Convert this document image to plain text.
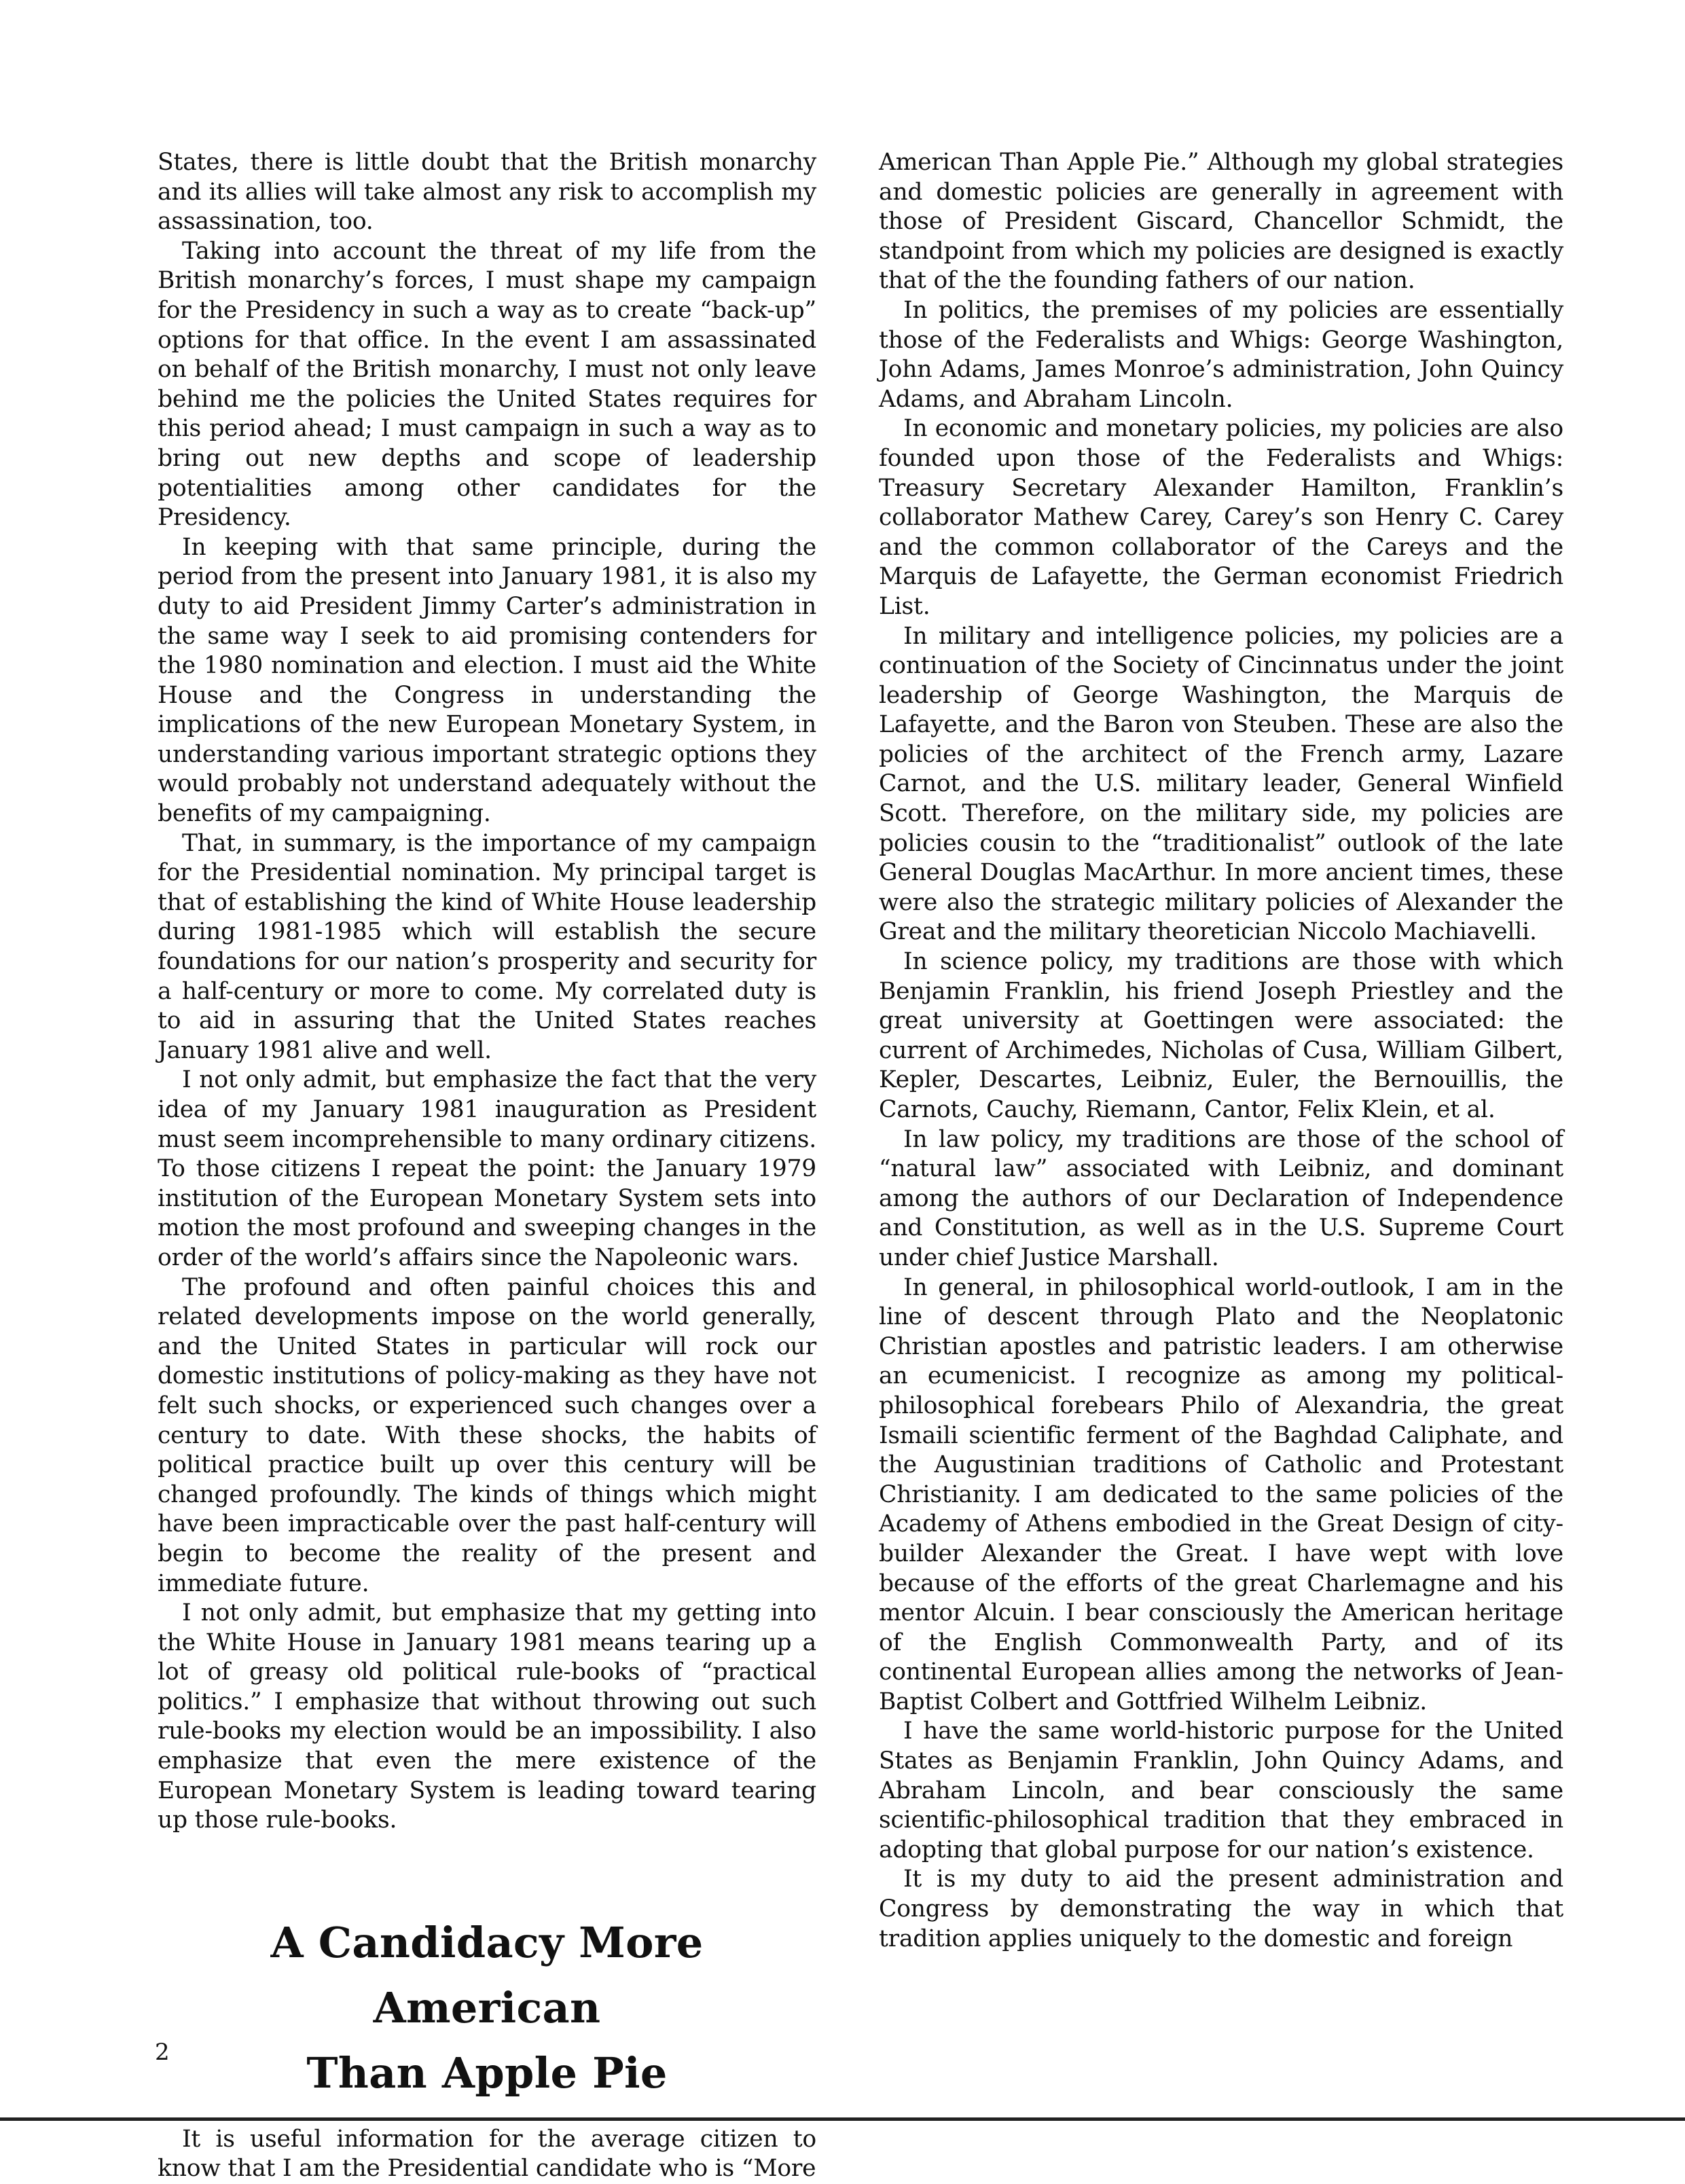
States, there is little doubt that the British monarchy and its allies will take almost any risk to accomplish my assassination, too.

Taking into account the threat of my life from the British monarchy’s forces, I must shape my campaign for the Presidency in such a way as to create “back-up” options for that office. In the event I am assassinated on behalf of the British monarchy, I must not only leave behind me the policies the United States requires for this period ahead; I must campaign in such a way as to bring out new depths and scope of leadership potentialities among other candidates for the Presidency.

In keeping with that same principle, during the period from the present into January 1981, it is also my duty to aid President Jimmy Carter’s administration in the same way I seek to aid promising contenders for the 1980 nomination and election. I must aid the White House and the Congress in understanding the implications of the new European Monetary System, in understanding various important strategic options they would probably not understand adequately without the benefits of my campaigning.

That, in summary, is the importance of my campaign for the Presidential nomination. My principal target is that of establishing the kind of White House leadership during 1981-1985 which will establish the secure foundations for our nation’s prosperity and security for a half-century or more to come. My correlated duty is to aid in assuring that the United States reaches January 1981 alive and well.

I not only admit, but emphasize the fact that the very idea of my January 1981 inauguration as President must seem incomprehensible to many ordinary citizens. To those citizens I repeat the point: the January 1979 institution of the European Monetary System sets into motion the most profound and sweeping changes in the order of the world’s affairs since the Napoleonic wars.

The profound and often painful choices this and related developments impose on the world generally, and the United States in particular will rock our domestic institutions of policy-making as they have not felt such shocks, or experienced such changes over a century to date. With these shocks, the habits of political practice built up over this century will be changed profoundly. The kinds of things which might have been impracticable over the past half-century will begin to become the reality of the present and immediate future.

I not only admit, but emphasize that my getting into the White House in January 1981 means tearing up a lot of greasy old political rule-books of “practical politics.” I emphasize that without throwing out such rule-books my election would be an impossibility. I also emphasize that even the mere existence of the European Monetary System is leading toward tearing up those rule-books.

A Candidacy More American
Than Apple Pie

It is useful information for the average citizen to know that I am the Presidential candidate who is “More

American Than Apple Pie.” Although my global strategies and domestic policies are generally in agreement with those of President Giscard, Chancellor Schmidt, the standpoint from which my policies are designed is exactly that of the the founding fathers of our nation.

In politics, the premises of my policies are essentially those of the Federalists and Whigs: George Washington, John Adams, James Monroe’s administration, John Quincy Adams, and Abraham Lincoln.

In economic and monetary policies, my policies are also founded upon those of the Federalists and Whigs: Treasury Secretary Alexander Hamilton, Franklin’s collaborator Mathew Carey, Carey’s son Henry C. Carey and the common collaborator of the Careys and the Marquis de Lafayette, the German economist Friedrich List.

In military and intelligence policies, my policies are a continuation of the Society of Cincinnatus under the joint leadership of George Washington, the Marquis de Lafayette, and the Baron von Steuben. These are also the policies of the architect of the French army, Lazare Carnot, and the U.S. military leader, General Winfield Scott. Therefore, on the military side, my policies are policies cousin to the “traditionalist” outlook of the late General Douglas MacArthur. In more ancient times, these were also the strategic military policies of Alexander the Great and the military theoretician Niccolo Machiavelli.

In science policy, my traditions are those with which Benjamin Franklin, his friend Joseph Priestley and the great university at Goettingen were associated: the current of Archimedes, Nicholas of Cusa, William Gilbert, Kepler, Descartes, Leibniz, Euler, the Bernouillis, the Carnots, Cauchy, Riemann, Cantor, Felix Klein, et al.

In law policy, my traditions are those of the school of “natural law” associated with Leibniz, and dominant among the authors of our Declaration of Independence and Constitution, as well as in the U.S. Supreme Court under chief Justice Marshall.

In general, in philosophical world-outlook, I am in the line of descent through Plato and the Neoplatonic Christian apostles and patristic leaders. I am otherwise an ecumenicist. I recognize as among my political-philosophical forebears Philo of Alexandria, the great Ismaili scientific ferment of the Baghdad Caliphate, and the Augustinian traditions of Catholic and Protestant Christianity. I am dedicated to the same policies of the Academy of Athens embodied in the Great Design of city-builder Alexander the Great. I have wept with love because of the efforts of the great Charlemagne and his mentor Alcuin. I bear consciously the American heritage of the English Commonwealth Party, and of its continental European allies among the networks of Jean-Baptist Colbert and Gottfried Wilhelm Leibniz.

I have the same world-historic purpose for the United States as Benjamin Franklin, John Quincy Adams, and Abraham Lincoln, and bear consciously the same scientific-philosophical tradition that they embraced in adopting that global purpose for our nation’s existence.

It is my duty to aid the present administration and Congress by demonstrating the way in which that tradition applies uniquely to the domestic and foreign

2
